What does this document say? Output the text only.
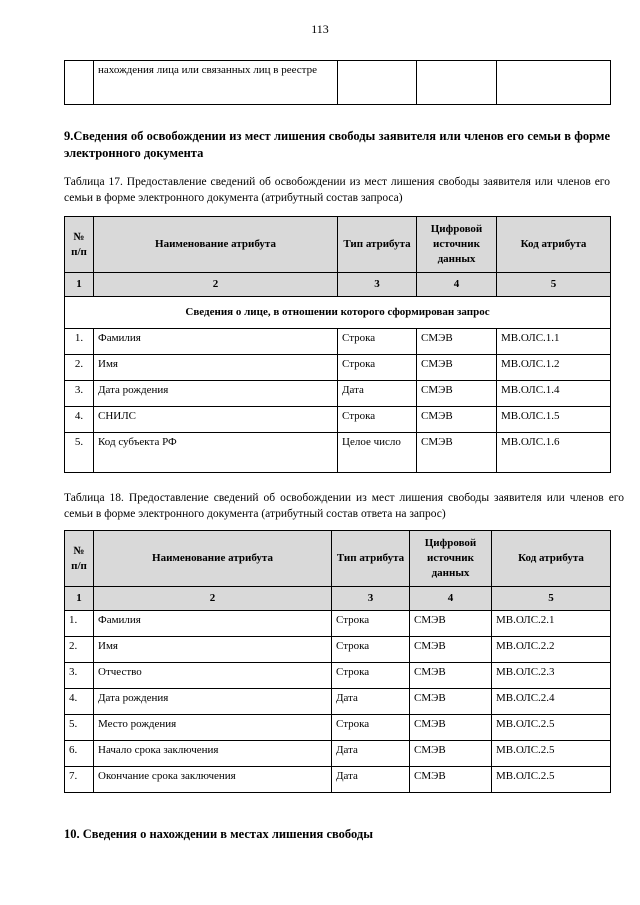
113
	нахождения лица или связанных лиц в реестре			
9.Сведения об освобождении из мест лишения свободы заявителя или членов его семьи в форме электронного документа
Таблица 17. Предоставление сведений об освобождении из мест лишения свободы заявителя или членов его семьи в форме электронного документа (атрибутный состав запроса)
№ п/п	Наименование атрибута	Тип атрибута	Цифровой источник данных	Код атрибута
1	2	3	4	5
Сведения о лице, в отношении которого сформирован запрос				
1.	Фамилия	Строка	СМЭВ	МВ.ОЛС.1.1
2.	Имя	Строка	СМЭВ	МВ.ОЛС.1.2
3.	Дата рождения	Дата	СМЭВ	МВ.ОЛС.1.4
4.	СНИЛС	Строка	СМЭВ	МВ.ОЛС.1.5
5.	Код субъекта РФ	Целое число	СМЭВ	МВ.ОЛС.1.6
Таблица 18. Предоставление сведений об освобождении из мест лишения свободы заявителя или членов его семьи в форме электронного документа (атрибутный состав ответа на запрос)
№ п/п	Наименование атрибута	Тип атрибута	Цифровой источник данных	Код атрибута
1	2	3	4	5
1.	Фамилия	Строка	СМЭВ	МВ.ОЛС.2.1
2.	Имя	Строка	СМЭВ	МВ.ОЛС.2.2
3.	Отчество	Строка	СМЭВ	МВ.ОЛС.2.3
4.	Дата рождения	Дата	СМЭВ	МВ.ОЛС.2.4
5.	Место рождения	Строка	СМЭВ	МВ.ОЛС.2.5
6.	Начало срока заключения	Дата	СМЭВ	МВ.ОЛС.2.5
7.	Окончание срока заключения	Дата	СМЭВ	МВ.ОЛС.2.5
10. Сведения о нахождении в местах лишения свободы
